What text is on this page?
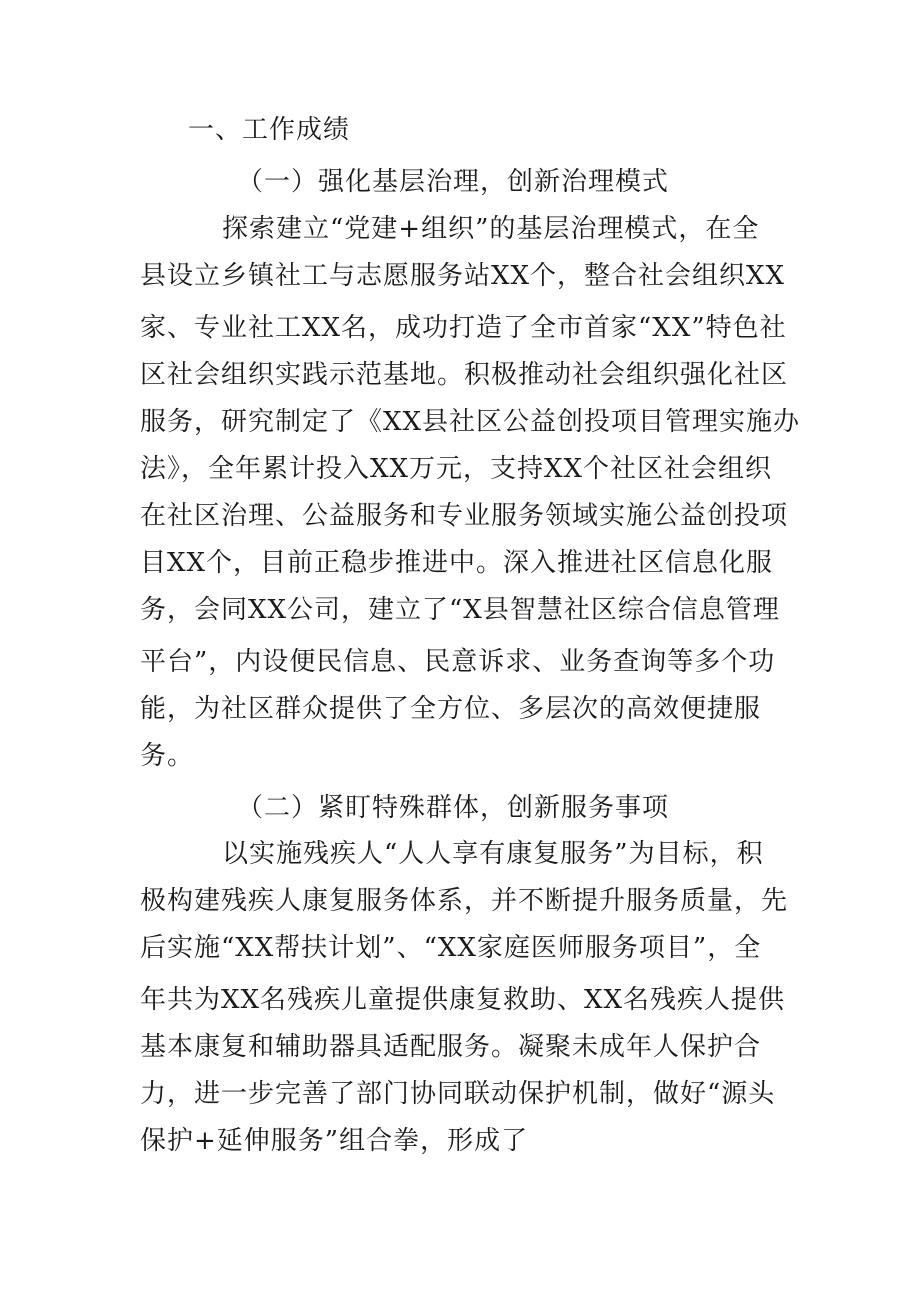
一、工作成绩
（一）强化基层治理，创新治理模式
探索建立“党建+组织”的基层治理模式，在全
县设立乡镇社工与志愿服务站XX个，整合社会组织XX
家、专业社工XX名，成功打造了全市首家“XX”特色社
区社会组织实践示范基地。积极推动社会组织强化社区
服务，研究制定了《XX县社区公益创投项目管理实施办
法》，全年累计投入XX万元，支持XX个社区社会组织
在社区治理、公益服务和专业服务领域实施公益创投项
目XX个，目前正稳步推进中。深入推进社区信息化服
务，会同XX公司，建立了“X县智慧社区综合信息管理
平台”，内设便民信息、民意诉求、业务查询等多个功
能，为社区群众提供了全方位、多层次的高效便捷服
务。
（二）紧盯特殊群体，创新服务事项
以实施残疾人“人人享有康复服务”为目标，积
极构建残疾人康复服务体系，并不断提升服务质量，先
后实施“XX帮扶计划”、“XX家庭医师服务项目”，全
年共为XX名残疾儿童提供康复救助、XX名残疾人提供
基本康复和辅助器具适配服务。凝聚未成年人保护合
力，进一步完善了部门协同联动保护机制，做好“源头
保护+延伸服务”组合拳，形成了
